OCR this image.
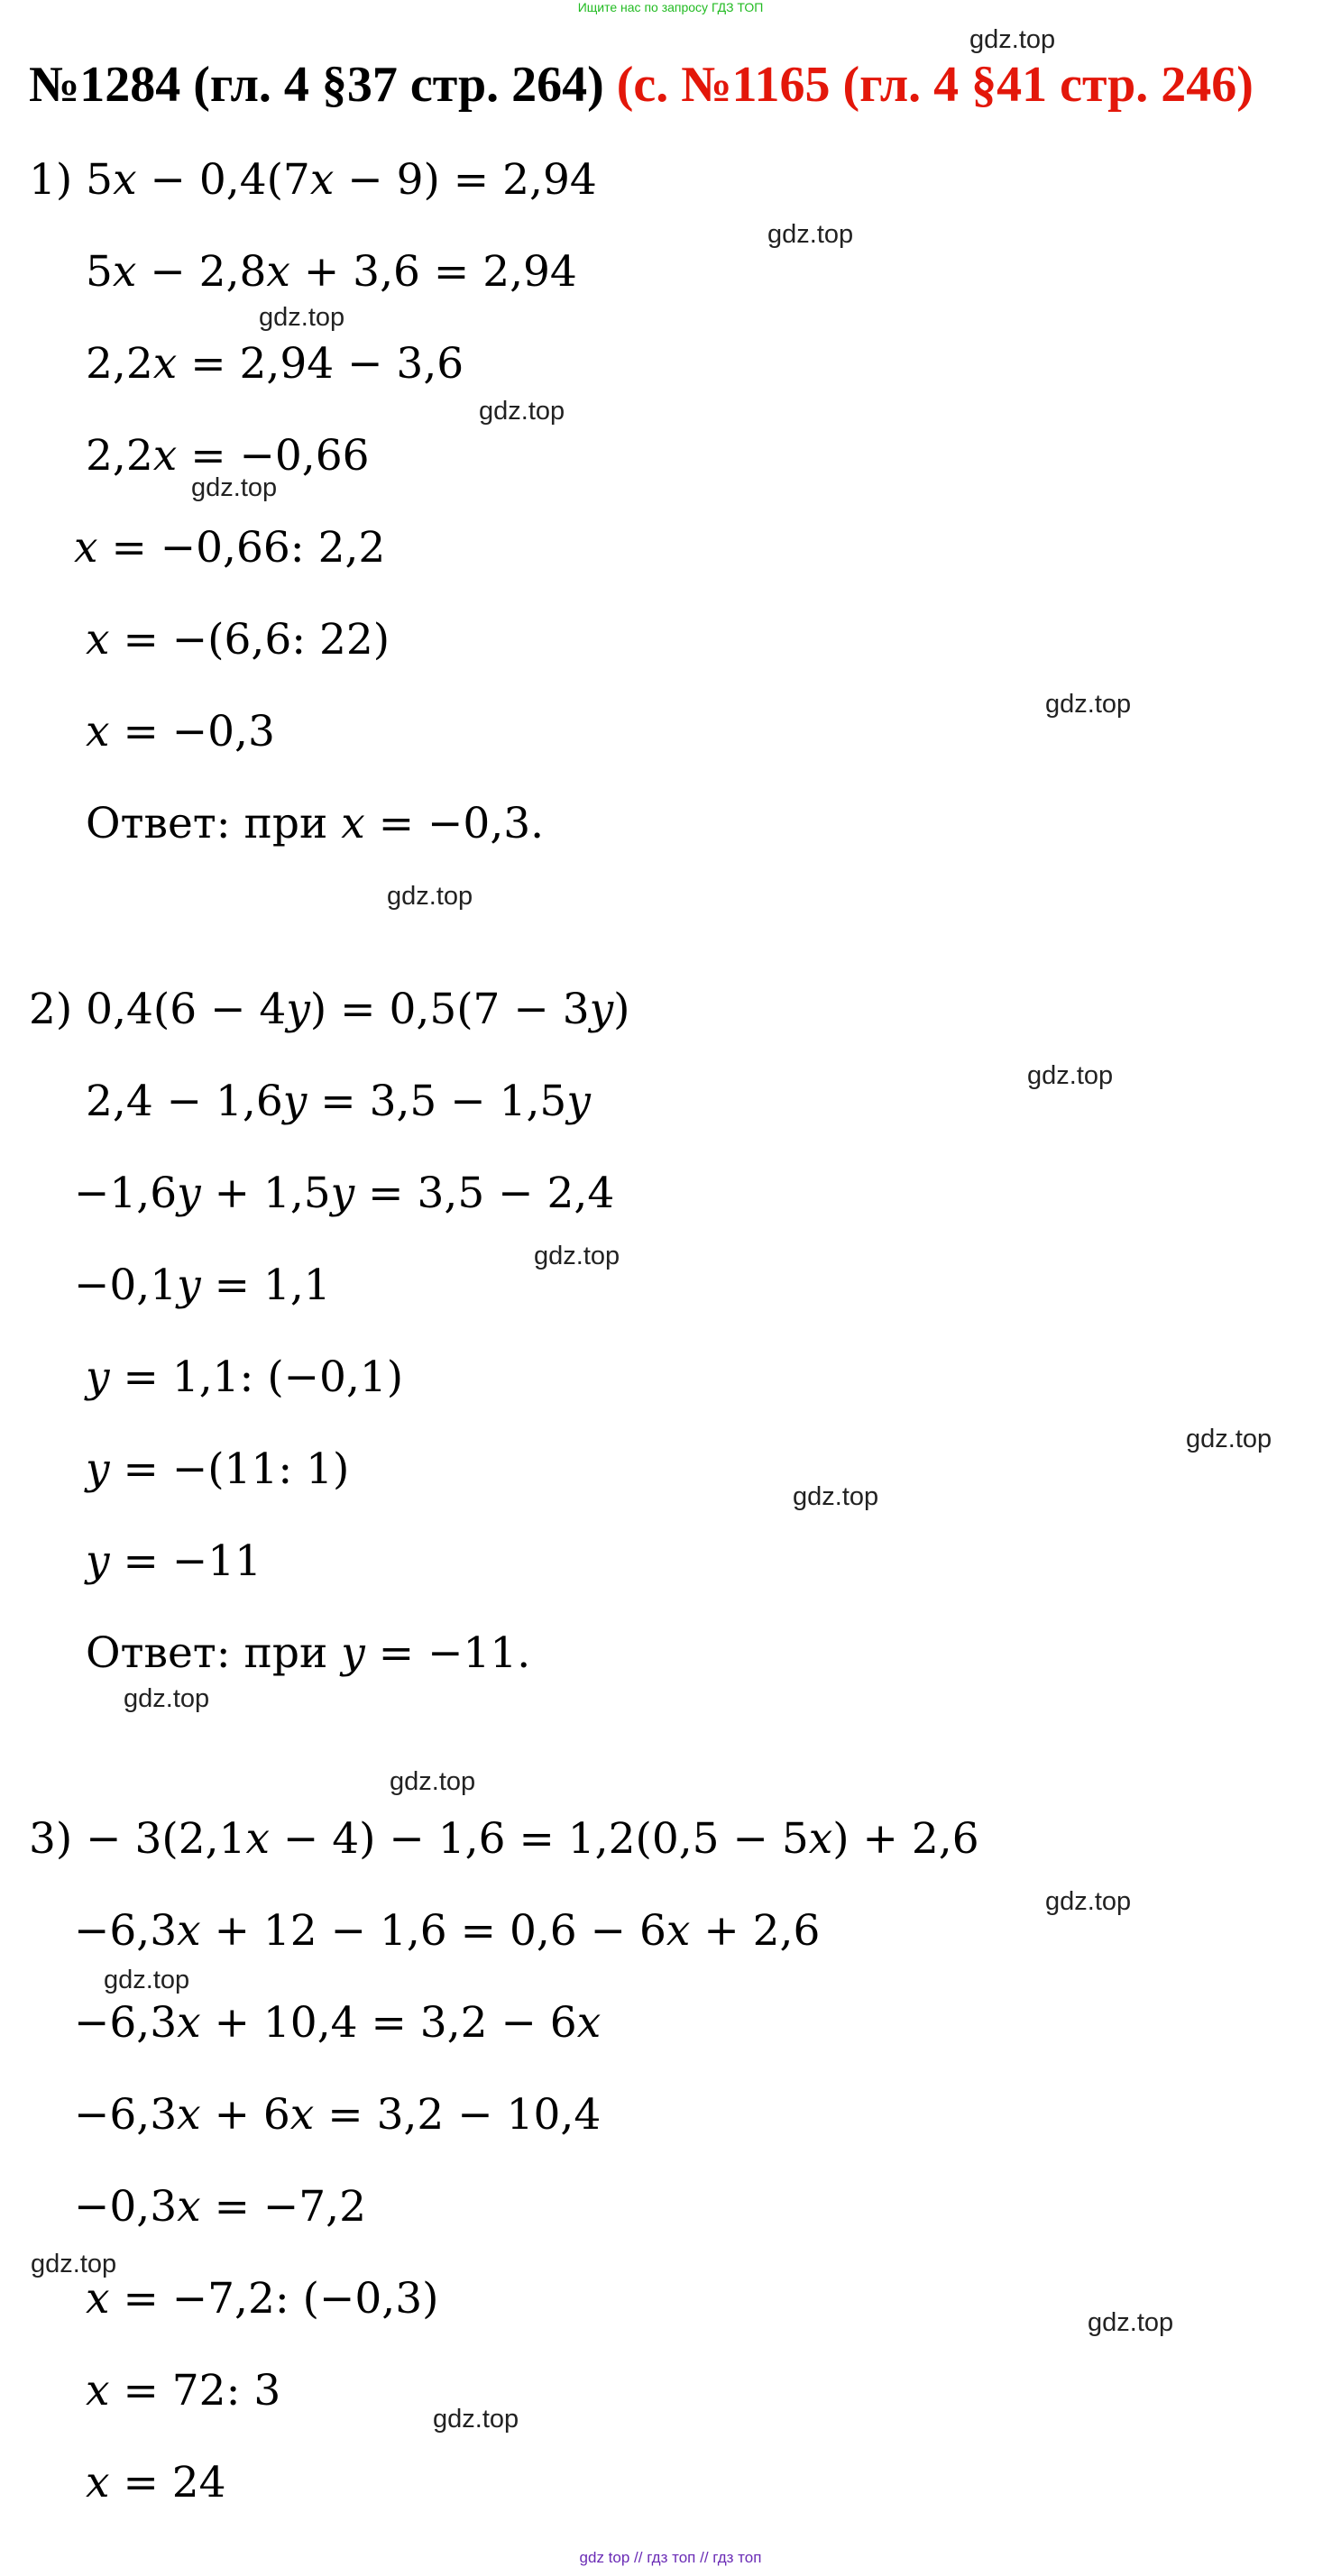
Ищите нас по запросу ГДЗ ТОП
№1284 (гл. 4 §37 стр. 264) (с. №1165 (гл. 4 §41 стр. 246)
1) 5𝑥 − 0,4(7𝑥 − 9) = 2,94
5𝑥 − 2,8𝑥 + 3,6 = 2,94
2,2𝑥 = 2,94 − 3,6
2,2𝑥 = −0,66
𝑥 = −0,66: 2,2
𝑥 = −(6,6: 22)
𝑥 = −0,3
Ответ: при 𝑥 = −0,3.
2) 0,4(6 − 4𝑦) = 0,5(7 − 3𝑦)
2,4 − 1,6𝑦 = 3,5 − 1,5𝑦
−1,6𝑦 + 1,5𝑦 = 3,5 − 2,4
−0,1𝑦 = 1,1
𝑦 = 1,1: (−0,1)
𝑦 = −(11: 1)
𝑦 = −11
Ответ: при 𝑦 = −11.
3) − 3(2,1𝑥 − 4) − 1,6 = 1,2(0,5 − 5𝑥) + 2,6
−6,3𝑥 + 12 − 1,6 = 0,6 − 6𝑥 + 2,6
−6,3𝑥 + 10,4 = 3,2 − 6𝑥
−6,3𝑥 + 6𝑥 = 3,2 − 10,4
−0,3𝑥 = −7,2
𝑥 = −7,2: (−0,3)
𝑥 = 72: 3
𝑥 = 24
gdz.top
gdz.top
gdz.top
gdz.top
gdz.top
gdz.top
gdz.top
gdz.top
gdz.top
gdz.top
gdz.top
gdz.top
gdz.top
gdz.top
gdz.top
gdz.top
gdz.top
gdz.top
gdz top // гдз топ // гдз топ
